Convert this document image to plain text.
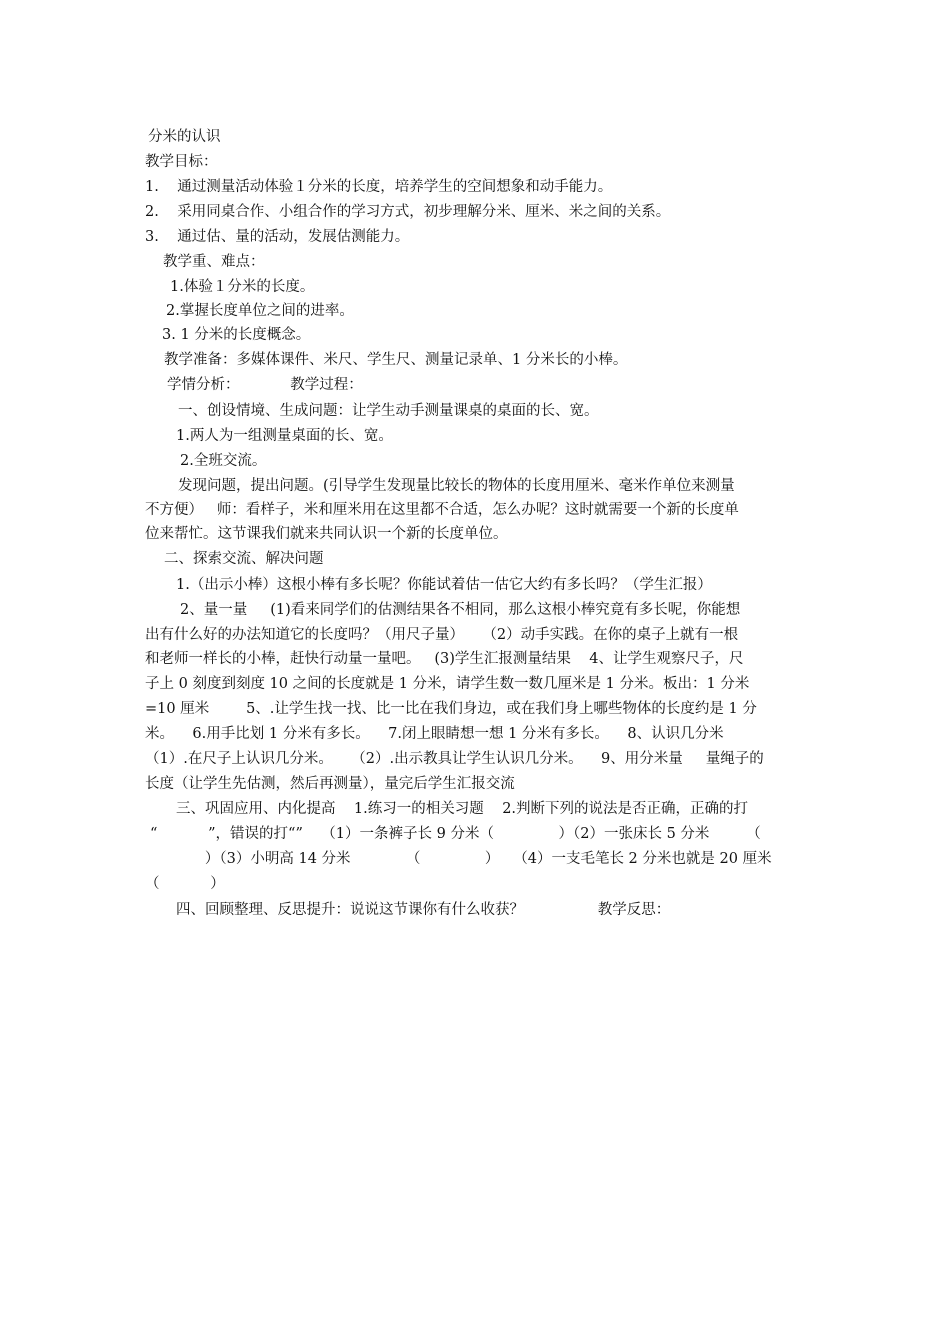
分米的认识
教学目标：
1.    通过测量活动体验１分米的长度，培养学生的空间想象和动手能力。
2.    采用同桌合作、小组合作的学习方式，初步理解分米、厘米、米之间的关系。
3.    通过估、量的活动，发展估测能力。
教学重、难点：
1.体验１分米的长度。
2.掌握长度单位之间的进率。
3. 1 分米的长度概念。
教学准备：多媒体课件、米尺、学生尺、测量记录单、1 分米长的小棒。
学情分析：           教学过程：
一、创设情境、生成问题：让学生动手测量课桌的桌面的长、宽。
1.两人为一组测量桌面的长、宽。
2.全班交流。
发现问题，提出问题。(引导学生发现量比较长的物体的长度用厘米、毫米作单位来测量
不方便）   师：看样子，米和厘米用在这里都不合适，怎么办呢？这时就需要一个新的长度单
位来帮忙。这节课我们就来共同认识一个新的长度单位。
二、探索交流、解决问题
1.（出示小棒）这根小棒有多长呢？你能试着估一估它大约有多长吗？（学生汇报）
2、量一量     (1)看来同学们的估测结果各不相同，那么这根小棒究竟有多长呢，你能想
出有什么好的办法知道它的长度吗？（用尺子量）    （2）动手实践。在你的桌子上就有一根
和老师一样长的小棒，赶快行动量一量吧。   (3)学生汇报测量结果    4、让学生观察尺子，尺
子上 0 刻度到刻度 10 之间的长度就是 1 分米，请学生数一数几厘米是 1 分米。板出：1 分米
=10 厘米        5、.让学生找一找、比一比在我们身边，或在我们身上哪些物体的长度约是 1 分
米。    6.用手比划 1 分米有多长。    7.闭上眼睛想一想 1 分米有多长。    8、认识几分米
（1）.在尺子上认识几分米。    （2）.出示教具让学生认识几分米。    9、用分米量     量绳子的
长度（让学生先估测，然后再测量），量完后学生汇报交流
三、巩固应用、内化提高    1.练习一的相关习题    2.判断下列的说法是否正确，正确的打
“           ”，错误的打“”    （1）一条裤子长 9 分米（              ）（2）一张床长 5 分米        （
）（3）小明高 14 分米            （              ）   （4）一支毛笔长 2 分米也就是 20 厘米
（           ）
四、回顾整理、反思提升：说说这节课你有什么收获？                教学反思：
